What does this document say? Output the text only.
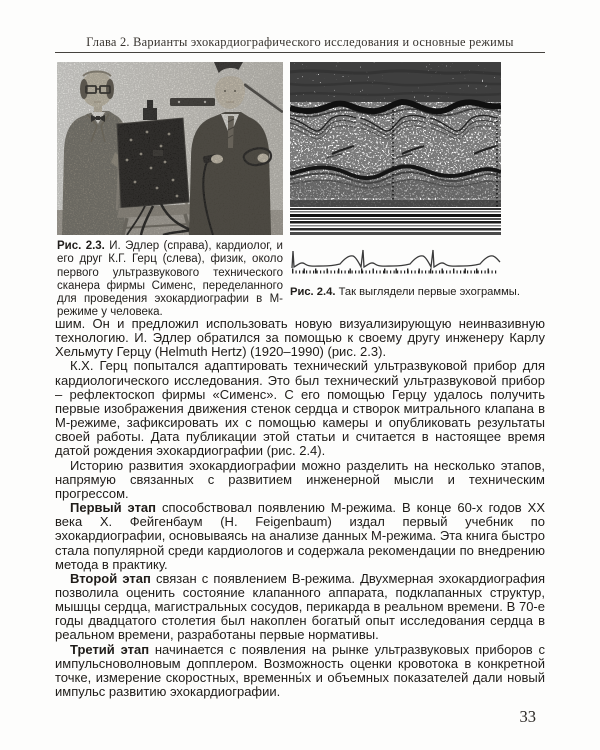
Глава 2. Варианты эхокардиографического исследования и основные режимы

Рис. 2.3. И. Эдлер (справа), кардиолог, и его друг К.Г. Герц (слева), физик, около первого ультразвукового технического сканера фирмы Сименс, переделанного для проведения эхокардиографии в М-режиме у человека.

Рис. 2.4. Так выглядели первые эхограммы.

шим. Он и предложил использовать новую визуализирующую неинвазивную технологию. И. Эдлер обратился за помощью к своему другу инженеру Карлу Хельмуту Герцу (Helmuth Hertz) (1920–1990) (рис. 2.3).

К.Х. Герц попытался адаптировать технический ультразвуковой прибор для кардиологического исследования. Это был технический ультразвуковой прибор – рефлектоскоп фирмы «Сименс». С его помощью Герцу удалось получить первые изображения движения стенок сердца и створок митрального клапана в М-режиме, зафиксировать их с помощью камеры и опубликовать результаты своей работы. Дата публикации этой статьи и считается в настоящее время датой рождения эхокардиографии (рис. 2.4).

Историю развития эхокардиографии можно разделить на несколько этапов, напрямую связанных с развитием инженерной мысли и техническим прогрессом.

Первый этап способствовал появлению М-режима. В конце 60-х годов XX века Х. Фейгенбаум (H. Feigenbaum) издал первый учебник по эхокардиографии, основываясь на анализе данных М-режима. Эта книга быстро стала популярной среди кардиологов и содержала рекомендации по внедрению метода в практику.

Второй этап связан с появлением В-режима. Двухмерная эхокардиография позволила оценить состояние клапанного аппарата, подклапанных структур, мышцы сердца, магистральных сосудов, перикарда в реальном времени. В 70-е годы двадцатого столетия был накоплен богатый опыт исследования сердца в реальном времени, разработаны первые нормативы.

Третий этап начинается с появления на рынке ультразвуковых приборов с импульсноволновым допплером. Возможность оценки кровотока в конкретной точке, измерение скоростных, временны́х и объемных показателей дали новый импульс развитию эхокардиографии.

33
